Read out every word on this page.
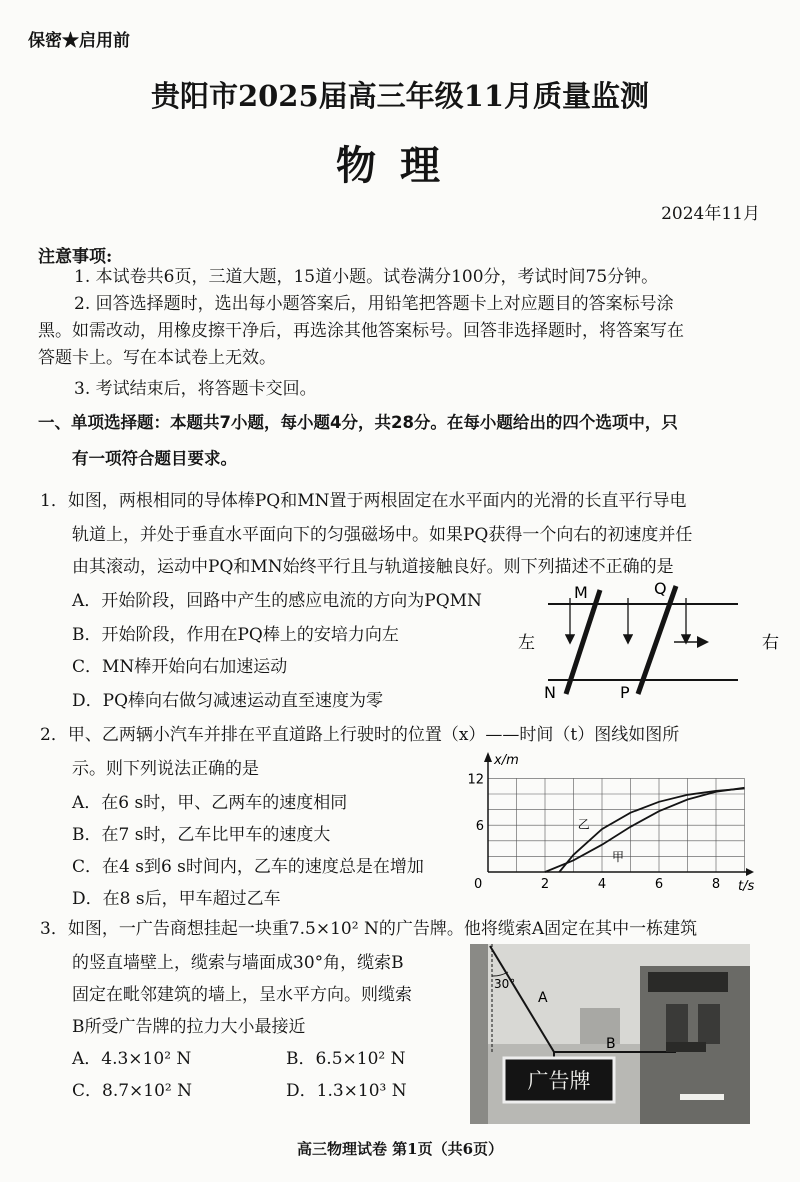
保密★启用前
贵阳市2025届高三年级11月质量监测
物理
2024年11月
注意事项:
1. 本试卷共6页，三道大题，15道小题。试卷满分100分，考试时间75分钟。
2. 回答选择题时，选出每小题答案后，用铅笔把答题卡上对应题目的答案标号涂
黑。如需改动，用橡皮擦干净后，再选涂其他答案标号。回答非选择题时，将答案写在
答题卡上。写在本试卷上无效。
3. 考试结束后，将答题卡交回。
一、单项选择题：本题共7小题，每小题4分，共28分。在每小题给出的四个选项中，只
有一项符合题目要求。
1．如图，两根相同的导体棒PQ和MN置于两根固定在水平面内的光滑的长直平行导电
轨道上，并处于垂直水平面向下的匀强磁场中。如果PQ获得一个向右的初速度并任
由其滚动，运动中PQ和MN始终平行且与轨道接触良好。则下列描述不正确的是
A．开始阶段，回路中产生的感应电流的方向为PQMN
B．开始阶段，作用在PQ棒上的安培力向左
C．MN棒开始向右加速运动
D．PQ棒向右做匀减速运动直至速度为零
左	右
M	Q
N	P
2．甲、乙两辆小汽车并排在平直道路上行驶时的位置（x）——时间（t）图线如图所
示。则下列说法正确的是
A．在6 s时，甲、乙两车的速度相同
B．在7 s时，乙车比甲车的速度大
C．在4 s到6 s时间内，乙车的速度总是在增加
D．在8 s后，甲车超过乙车
0	2	4	6	8
6
12
甲
乙
x/m
t/s
3．如图，一广告商想挂起一块重7.5×10² N的广告牌。他将缆索A固定在其中一栋建筑
的竖直墙壁上，缆索与墙面成30°角，缆索B
固定在毗邻建筑的墙上，呈水平方向。则缆索
B所受广告牌的拉力大小最接近
A．4.3×10² N	B．6.5×10² N
C．8.7×10² N	D．1.3×10³ N
30°
A
B
广告牌
高三物理试卷 第1页（共6页）
